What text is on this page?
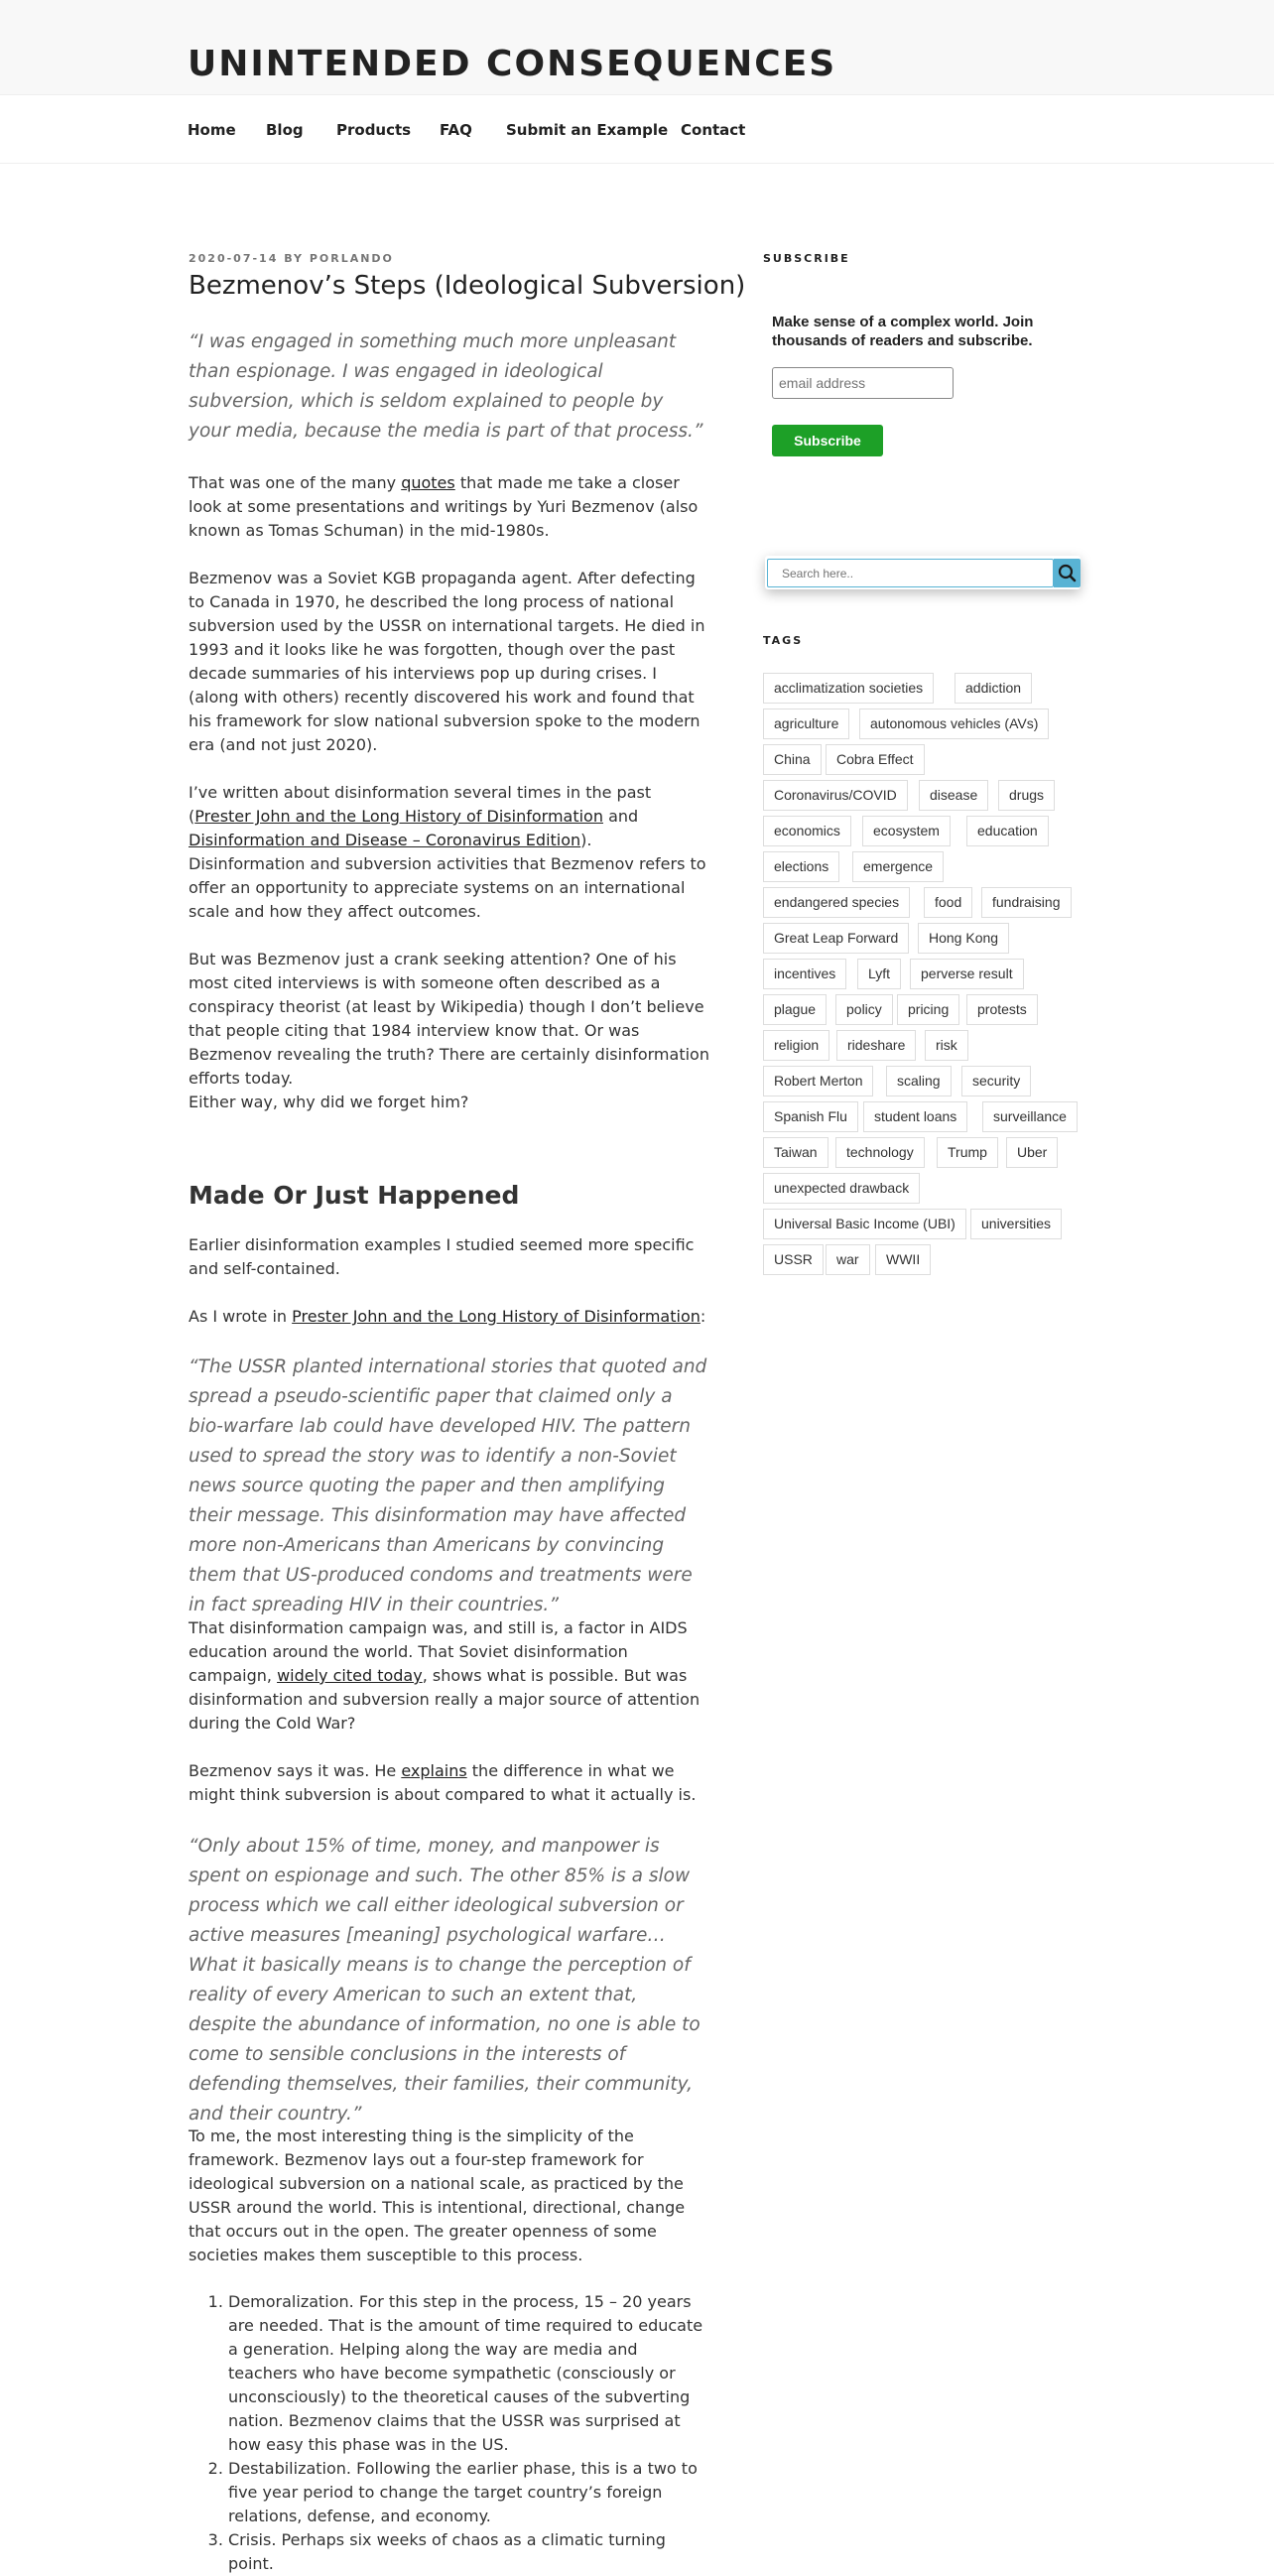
UNINTENDED CONSEQUENCES
Home Blog Products FAQ Submit an Example Contact
2020-07-14 BY PORLANDO
Bezmenov’s Steps (Ideological Subversion)
“I was engaged in something much more unpleasant than espionage. I was engaged in ideological subversion, which is seldom explained to people by your media, because the media is part of that process.”

That was one of the many quotes that made me take a closer look at some presentations and writings by Yuri Bezmenov (also known as Tomas Schuman) in the mid-1980s.

Bezmenov was a Soviet KGB propaganda agent. After defecting to Canada in 1970, he described the long process of national subversion used by the USSR on international targets. He died in 1993 and it looks like he was forgotten, though over the past decade summaries of his interviews pop up during crises. I (along with others) recently discovered his work and found that his framework for slow national subversion spoke to the modern era (and not just 2020).

I’ve written about disinformation several times in the past (Prester John and the Long History of Disinformation and Disinformation and Disease – Coronavirus Edition). Disinformation and subversion activities that Bezmenov refers to offer an opportunity to appreciate systems on an international scale and how they affect outcomes.

But was Bezmenov just a crank seeking attention? One of his most cited interviews is with someone often described as a conspiracy theorist (at least by Wikipedia) though I don’t believe that people citing that 1984 interview know that. Or was Bezmenov revealing the truth? There are certainly disinformation efforts today.

Either way, why did we forget him?

Made Or Just Happened

Earlier disinformation examples I studied seemed more specific and self-contained.

As I wrote in Prester John and the Long History of Disinformation:

“The USSR planted international stories that quoted and spread a pseudo-scientific paper that claimed only a bio-warfare lab could have developed HIV. The pattern used to spread the story was to identify a non-Soviet news source quoting the paper and then amplifying their message. This disinformation may have affected more non-Americans than Americans by convincing them that US-produced condoms and treatments were in fact spreading HIV in their countries.”

That disinformation campaign was, and still is, a factor in AIDS education around the world. That Soviet disinformation campaign, widely cited today, shows what is possible. But was disinformation and subversion really a major source of attention during the Cold War?

Bezmenov says it was. He explains the difference in what we might think subversion is about compared to what it actually is.

“Only about 15% of time, money, and manpower is spent on espionage and such. The other 85% is a slow process which we call either ideological subversion or active measures [meaning] psychological warfare… What it basically means is to change the perception of reality of every American to such an extent that, despite the abundance of information, no one is able to come to sensible conclusions in the interests of defending themselves, their families, their community, and their country.”

To me, the most interesting thing is the simplicity of the framework. Bezmenov lays out a four-step framework for ideological subversion on a national scale, as practiced by the USSR around the world. This is intentional, directional, change that occurs out in the open. The greater openness of some societies makes them susceptible to this process.

1. Demoralization. For this step in the process, 15 – 20 years are needed. That is the amount of time required to educate a generation. Helping along the way are media and teachers who have become sympathetic (consciously or unconsciously) to the theoretical causes of the subverting nation. Bezmenov claims that the USSR was surprised at how easy this phase was in the US.
2. Destabilization. Following the earlier phase, this is a two to five year period to change the target country’s foreign relations, defense, and economy.
3. Crisis. Perhaps six weeks of chaos as a climatic turning point.
SUBSCRIBE
Make sense of a complex world. Join thousands of readers and subscribe.
email address
Subscribe
Search here..
TAGS
acclimatization societies	addiction
agriculture	autonomous vehicles (AVs)
China	Cobra Effect
Coronavirus/COVID	disease	drugs
economics	ecosystem	education
elections	emergence
endangered species	food	fundraising
Great Leap Forward	Hong Kong
incentives	Lyft	perverse result
plague	policy	pricing	protests
religion	rideshare	risk
Robert Merton	scaling	security
Spanish Flu	student loans	surveillance
Taiwan	technology	Trump	Uber
unexpected drawback
Universal Basic Income (UBI)	universities
USSR	war	WWII
